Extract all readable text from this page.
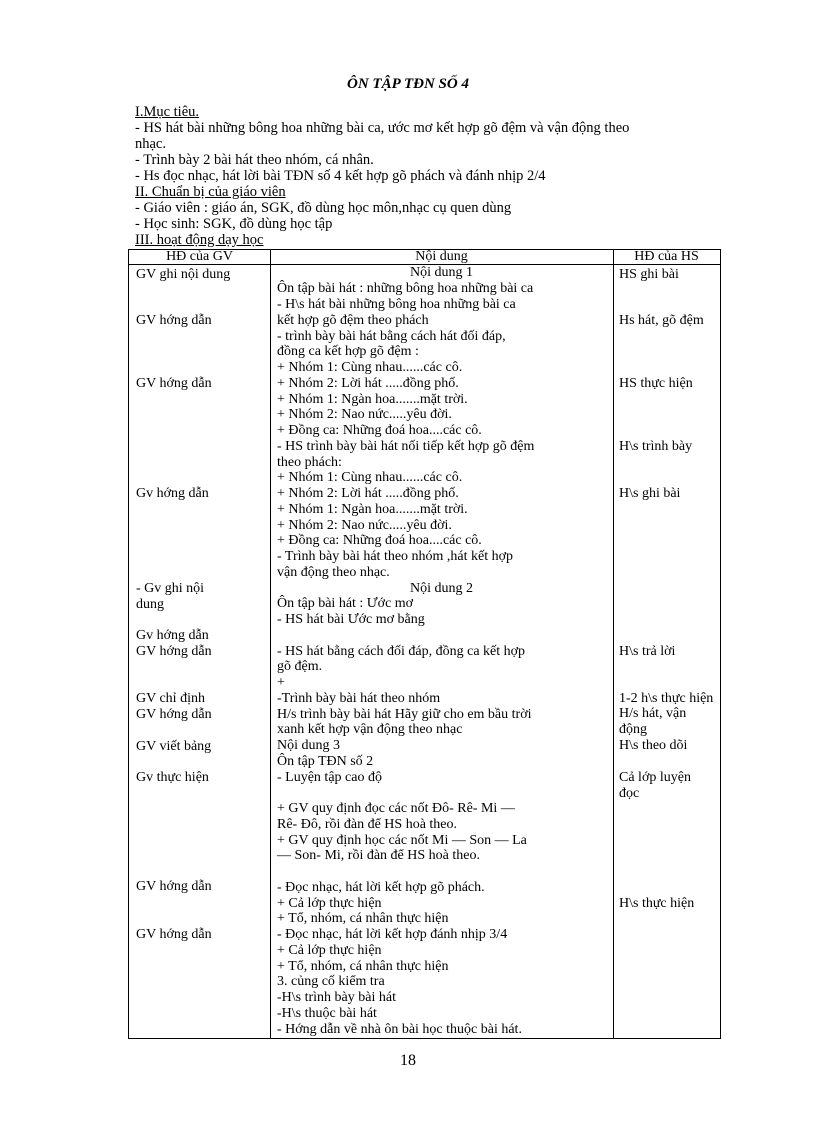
ÔN TẬP TĐN SỐ 4
I.Mục tiêu.
- HS hát bài những bông hoa những bài ca, ước mơ kết hợp gõ đệm và vận động theo
nhạc.
- Trình bày 2 bài hát theo nhóm, cá nhân.
- Hs đọc nhạc, hát lời bài TĐN số 4 kết hợp gõ phách và đánh nhịp 2/4
II. Chuẩn bị của giáo viên
- Giáo viên : giáo án, SGK, đồ dùng học môn,nhạc cụ quen dùng
- Học sinh: SGK, đồ dùng học tập
III. hoạt động dạy học
HĐ của GV	Nội dung	HĐ của HS
GV ghi nội dung
GV hớng dẫn
GV hớng dẫn
Gv hớng dẫn
- Gv ghi nội
dung
Gv hớng dẫn
GV hớng dẫn
GV chỉ định
GV hớng dẫn
GV viết bảng
Gv thực hiện
GV hớng dẫn
GV hớng dẫn
Nội dung 1
Ôn tập bài hát : những bông hoa những bài ca
- H\s hát bài những bông hoa những bài ca
kết hợp gõ đệm theo phách
- trình bày bài hát bằng cách hát đối đáp,
đồng ca kết hợp gõ đệm :
+ Nhóm 1: Cùng nhau......các cô.
+ Nhóm 2: Lời hát .....đồng phố.
+ Nhóm 1: Ngàn hoa.......mặt trời.
+ Nhóm 2: Nao nức.....yêu đời.
+ Đồng ca: Những đoá hoa....các cô.
- HS trình bày bài hát nối tiếp kết hợp gõ đệm
theo phách:
+ Nhóm 1: Cùng nhau......các cô.
+ Nhóm 2: Lời hát .....đồng phố.
+ Nhóm 1: Ngàn hoa.......mặt trời.
+ Nhóm 2: Nao nức.....yêu đời.
+ Đồng ca: Những đoá hoa....các cô.
- Trình bày bài hát theo nhóm ,hát kết hợp
vận động theo nhạc.
Nội dung 2
Ôn tập bài hát : Ước mơ
- HS hát bài Ước mơ bằng
- HS hát bằng cách đối đáp, đồng ca kết hợp
gõ đệm.
+
-Trình bày bài hát theo nhóm
H/s trình bày bài hát Hãy giữ cho em bầu trời
xanh kết hợp vận động theo nhạc
Nội dung 3
Ôn tập TĐN số 2
- Luyện tập cao độ
+ GV quy định đọc các nốt Đô- Rê- Mi —
Rê- Đô, rồi đàn để HS hoà theo.
+ GV quy định học các nốt Mi — Son — La
— Son- Mi, rồi đàn để HS hoà theo.
- Đọc nhạc, hát lời kết hợp gõ phách.
+ Cả lớp thực hiện
+ Tổ, nhóm, cá nhân thực hiện
- Đọc nhạc, hát lời kết hợp đánh nhịp 3/4
+ Cả lớp thực hiện
+ Tổ, nhóm, cá nhân thực hiện
3. củng cố kiểm tra
-H\s trình bày bài hát
-H\s thuộc bài hát
- Hớng dẫn về nhà ôn bài học thuộc bài hát.
HS ghi bài
Hs hát, gõ đệm
HS thực hiện
H\s trình bày
H\s ghi bài
H\s trả lời
1-2 h\s thực hiện
H/s hát, vận
động
H\s theo dõi
Cả lớp luyện
đọc
H\s thực hiện
18
